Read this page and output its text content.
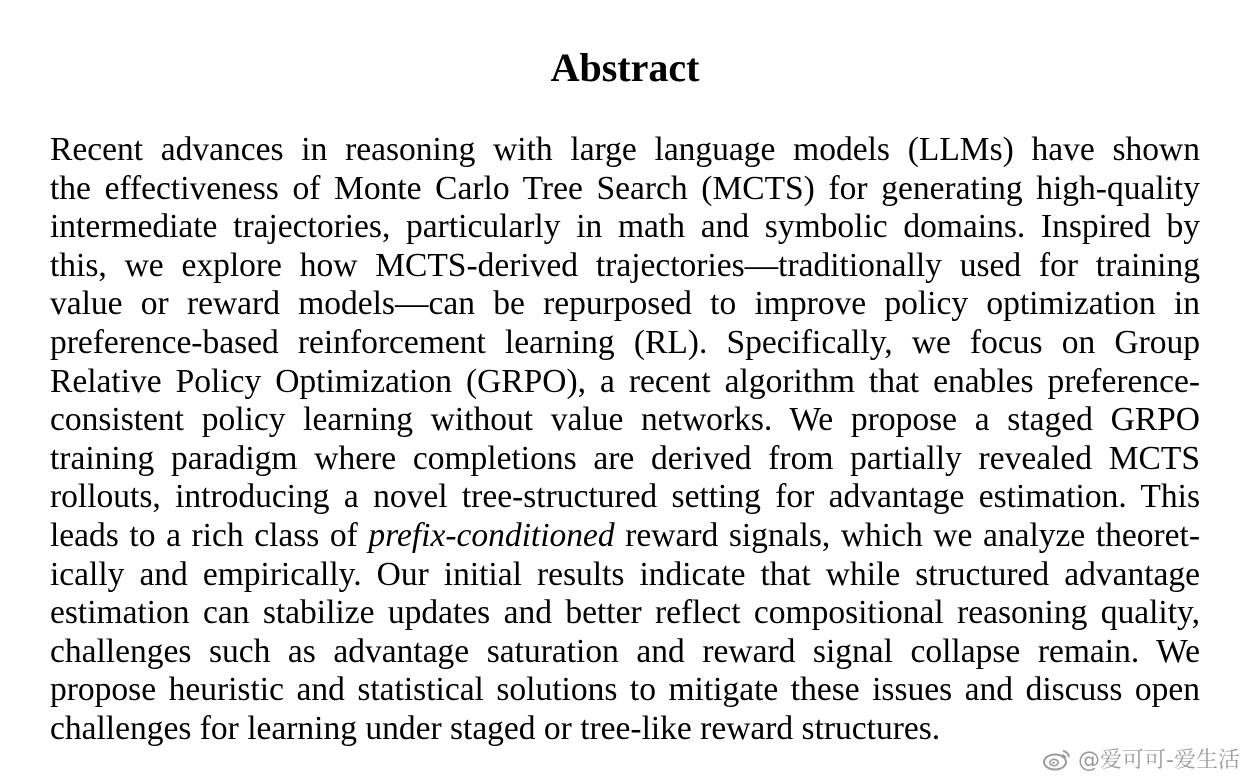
Abstract
Recent advances in reasoning with large language models (LLMs) have shown
the effectiveness of Monte Carlo Tree Search (MCTS) for generating high-quality
intermediate trajectories, particularly in math and symbolic domains. Inspired by
this, we explore how MCTS-derived trajectories—traditionally used for training
value or reward models—can be repurposed to improve policy optimization in
preference-based reinforcement learning (RL). Specifically, we focus on Group
Relative Policy Optimization (GRPO), a recent algorithm that enables preference-
consistent policy learning without value networks. We propose a staged GRPO
training paradigm where completions are derived from partially revealed MCTS
rollouts, introducing a novel tree-structured setting for advantage estimation. This
leads to a rich class of prefix-conditioned reward signals, which we analyze theoret-
ically and empirically. Our initial results indicate that while structured advantage
estimation can stabilize updates and better reflect compositional reasoning quality,
challenges such as advantage saturation and reward signal collapse remain. We
propose heuristic and statistical solutions to mitigate these issues and discuss open
challenges for learning under staged or tree-like reward structures.
@爱可可-爱生活
